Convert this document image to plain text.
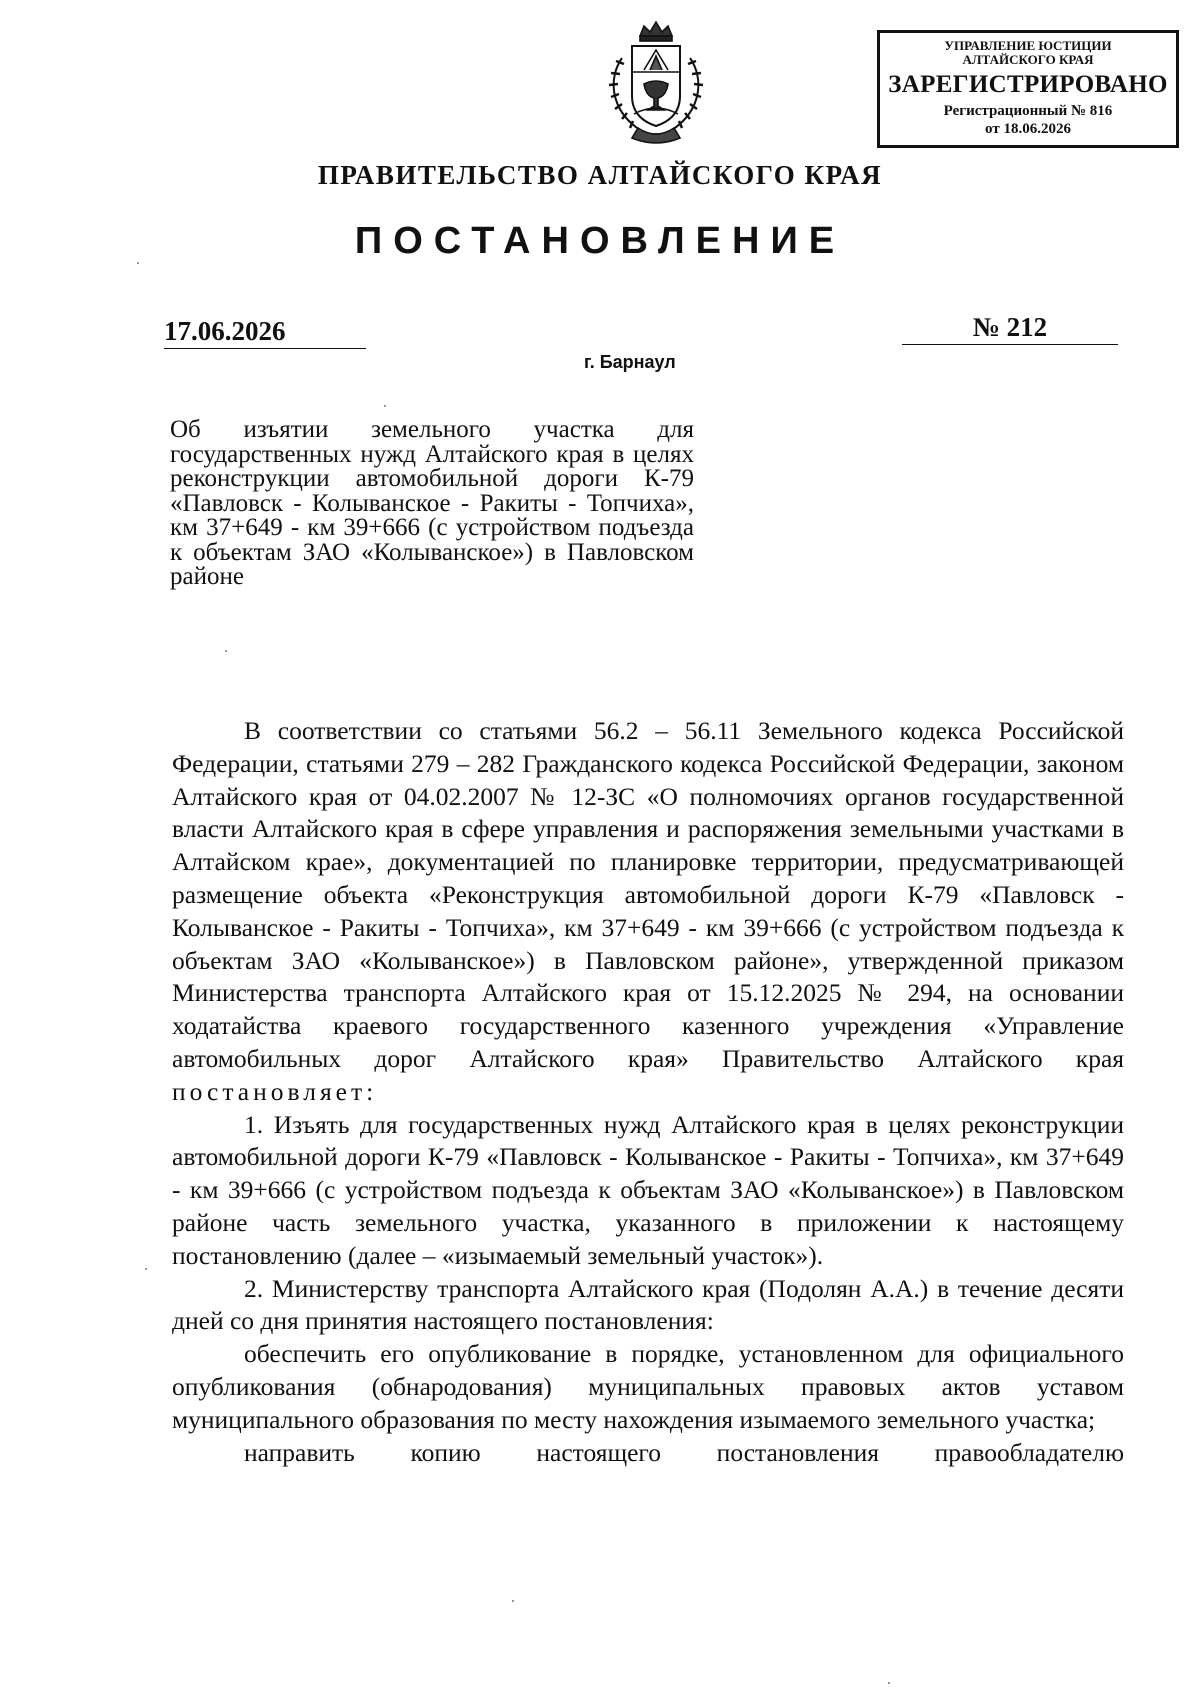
УПРАВЛЕНИЕ ЮСТИЦИИ
АЛТАЙСКОГО КРАЯ
ЗАРЕГИСТРИРОВАНО
Регистрационный № 816
от 18.06.2026
ПРАВИТЕЛЬСТВО АЛТАЙСКОГО КРАЯ
ПОСТАНОВЛЕНИЕ
17.06.2026	№ 212
г. Барнаул
Об изъятии земельного участка для государственных нужд Алтайского края в целях реконструкции автомобильной дороги К-79 «Павловск - Колыванское - Ракиты - Топчиха», км 37+649 - км 39+666 (с устройством подъезда к объектам ЗАО «Колыванское») в Павловском районе

В соответствии со статьями 56.2 – 56.11 Земельного кодекса Российской Федерации, статьями 279 – 282 Гражданского кодекса Российской Федерации, законом Алтайского края от 04.02.2007 № 12-ЗС «О полномочиях органов государственной власти Алтайского края в сфере управления и распоряжения земельными участками в Алтайском крае», документацией по планировке территории, предусматривающей размещение объекта «Реконструкция автомобильной дороги К-79 «Павловск - Колыванское - Ракиты - Топчиха», км 37+649 - км 39+666 (с устройством подъезда к объектам ЗАО «Колыванское») в Павловском районе», утвержденной приказом Министерства транспорта Алтайского края от 15.12.2025 № 294, на основании ходатайства краевого государственного казенного учреждения «Управление автомобильных дорог Алтайского края» Правительство Алтайского края постановляет:

1. Изъять для государственных нужд Алтайского края в целях реконструкции автомобильной дороги К-79 «Павловск - Колыванское - Ракиты - Топчиха», км 37+649 - км 39+666 (с устройством подъезда к объектам ЗАО «Колыванское») в Павловском районе часть земельного участка, указанного в приложении к настоящему постановлению (далее – «изымаемый земельный участок»).

2. Министерству транспорта Алтайского края (Подолян А.А.) в течение десяти дней со дня принятия настоящего постановления:

обеспечить его опубликование в порядке, установленном для официального опубликования (обнародования) муниципальных правовых актов уставом муниципального образования по месту нахождения изымаемого земельного участка;

направить копию настоящего постановления правообладателю
